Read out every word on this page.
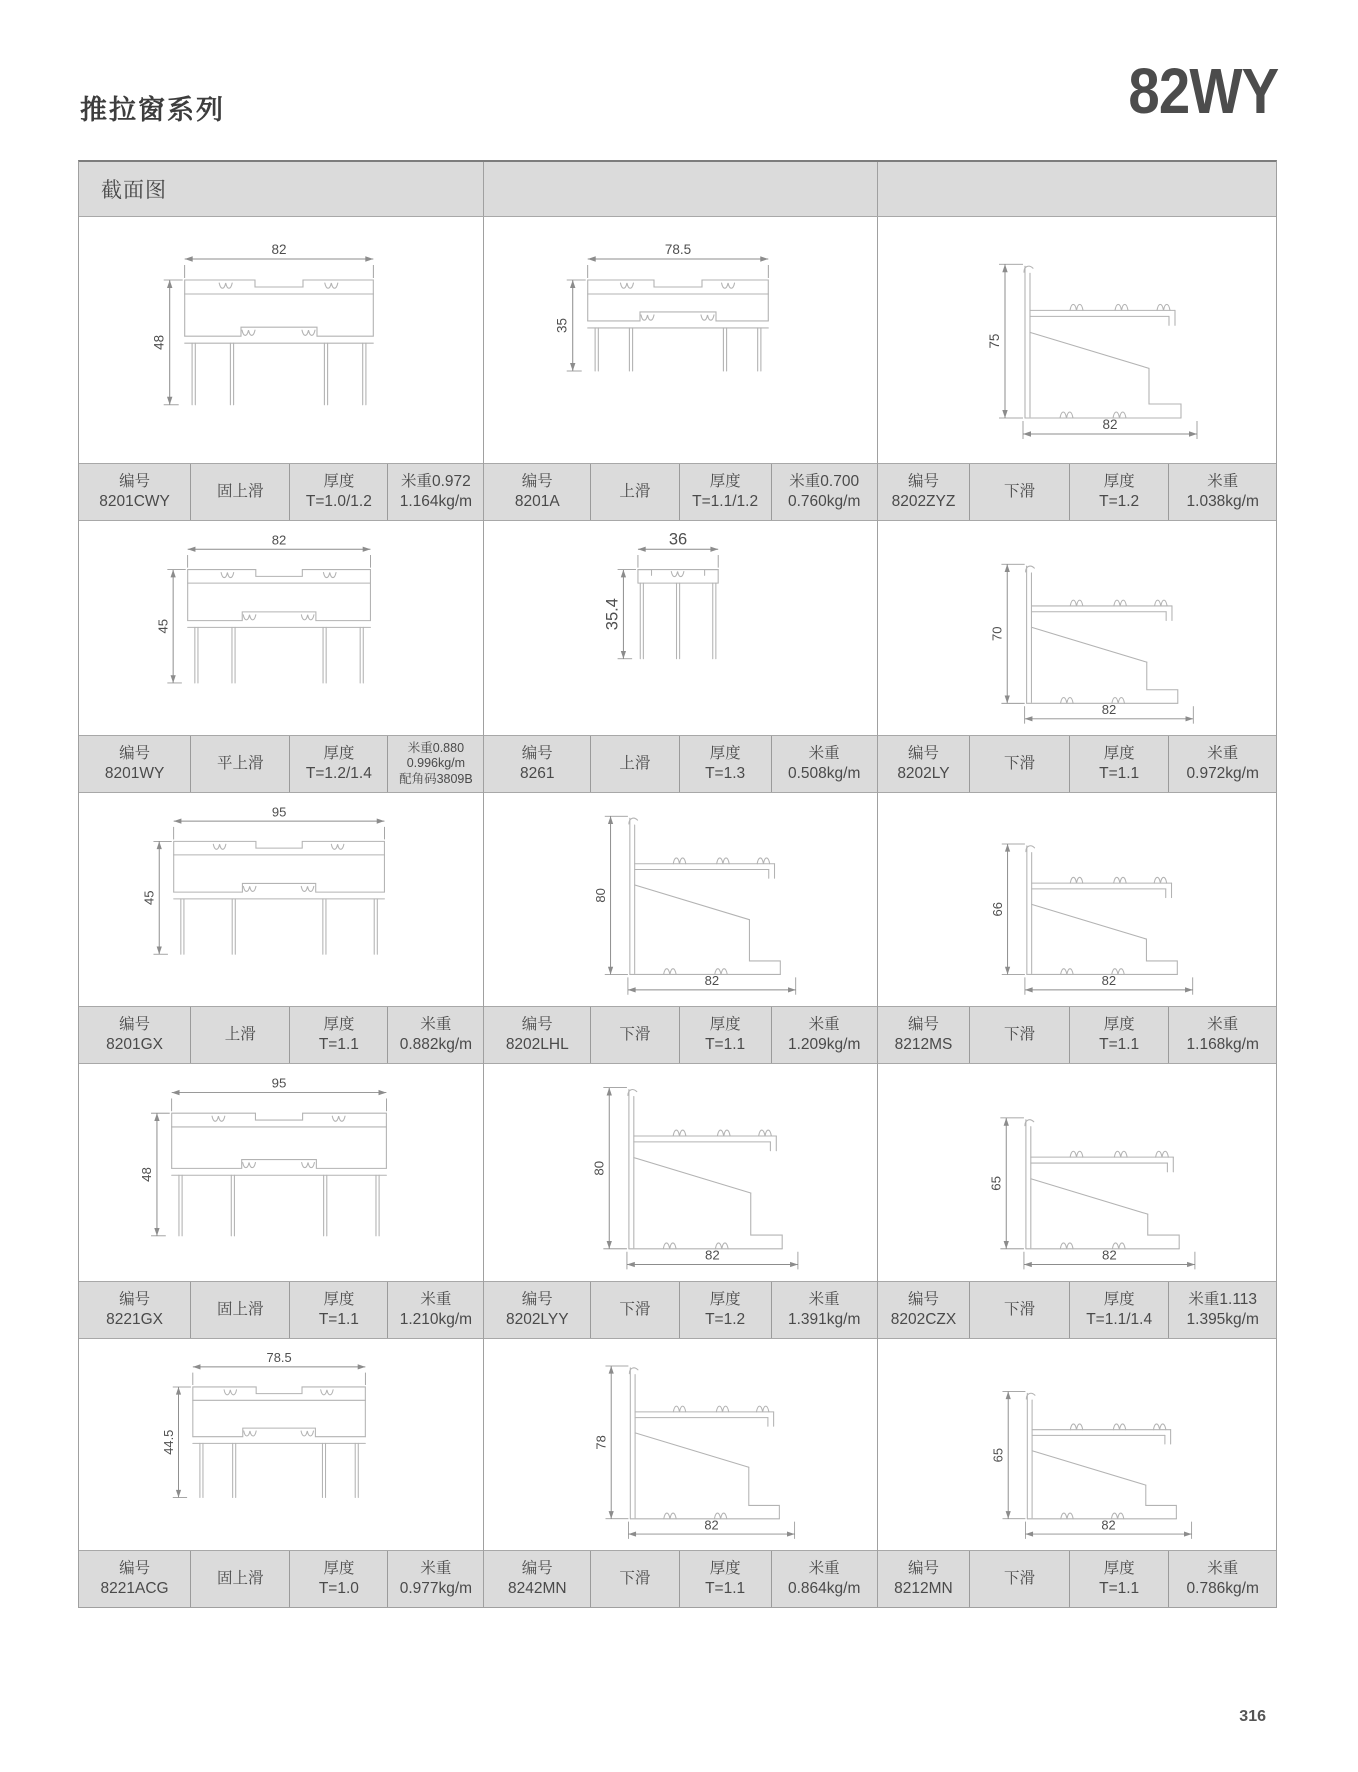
推拉窗系列	82WY
截面图
82
48
编号
8201CWY
固上滑
厚度
T=1.0/1.2
米重0.972
1.164kg/m
78.5
35
编号
8201A
上滑
厚度
T=1.1/1.2
米重0.700
0.760kg/m
75
82
编号
8202ZYZ
下滑
厚度
T=1.2
米重
1.038kg/m
82
45
编号
8201WY
平上滑
厚度
T=1.2/1.4
米重0.880
0.996kg/m
配角码3809B
36
35.4
编号
8261
上滑
厚度
T=1.3
米重
0.508kg/m
70
82
编号
8202LY
下滑
厚度
T=1.1
米重
0.972kg/m
95
45
编号
8201GX
上滑
厚度
T=1.1
米重
0.882kg/m
80
82
编号
8202LHL
下滑
厚度
T=1.1
米重
1.209kg/m
66
82
编号
8212MS
下滑
厚度
T=1.1
米重
1.168kg/m
95
48
编号
8221GX
固上滑
厚度
T=1.1
米重
1.210kg/m
80
82
编号
8202LYY
下滑
厚度
T=1.2
米重
1.391kg/m
65
82
编号
8202CZX
下滑
厚度
T=1.1/1.4
米重1.113
1.395kg/m
78.5
44.5
编号
8221ACG
固上滑
厚度
T=1.0
米重
0.977kg/m
78
82
编号
8242MN
下滑
厚度
T=1.1
米重
0.864kg/m
65
82
编号
8212MN
下滑
厚度
T=1.1
米重
0.786kg/m
316
